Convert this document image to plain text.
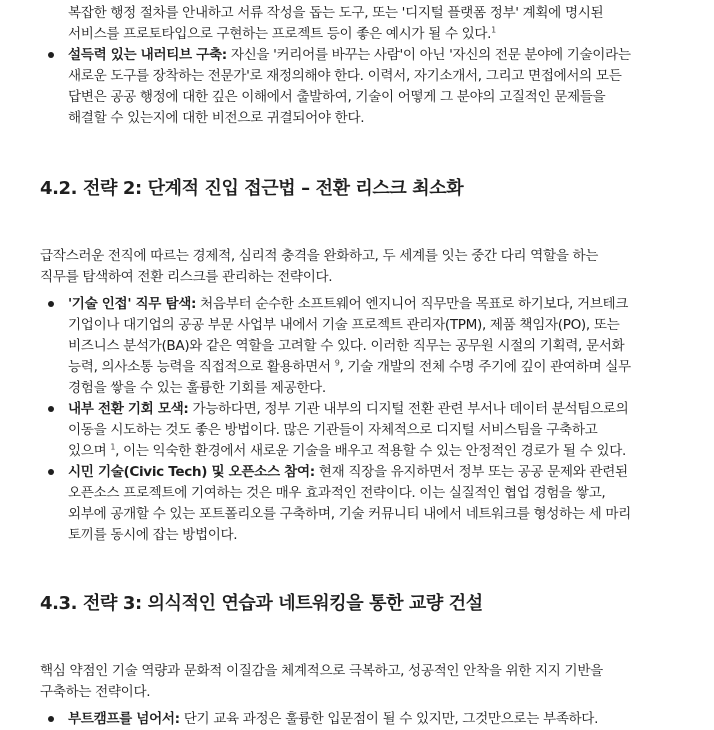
복잡한 행정 절차를 안내하고 서류 작성을 돕는 도구, 또는 '디지털 플랫폼 정부' 계획에 명시된
서비스를 프로토타입으로 구현하는 프로젝트 등이 좋은 예시가 될 수 있다.$^1$
설득력 있는 내러티브 구축: 자신을 '커리어를 바꾸는 사람'이 아닌 '자신의 전문 분야에 기술이라는
새로운 도구를 장착하는 전문가'로 재정의해야 한다. 이력서, 자기소개서, 그리고 면접에서의 모든
답변은 공공 행정에 대한 깊은 이해에서 출발하여, 기술이 어떻게 그 분야의 고질적인 문제들을
해결할 수 있는지에 대한 비전으로 귀결되어야 한다.
4.2. 전략 2: 단계적 진입 접근법 – 전환 리스크 최소화
급작스러운 전직에 따르는 경제적, 심리적 충격을 완화하고, 두 세계를 잇는 중간 다리 역할을 하는
직무를 탐색하여 전환 리스크를 관리하는 전략이다.
'기술 인접' 직무 탐색: 처음부터 순수한 소프트웨어 엔지니어 직무만을 목표로 하기보다, 거브테크
기업이나 대기업의 공공 부문 사업부 내에서 기술 프로젝트 관리자(TPM), 제품 책임자(PO), 또는
비즈니스 분석가(BA)와 같은 역할을 고려할 수 있다. 이러한 직무는 공무원 시절의 기획력, 문서화
능력, 의사소통 능력을 직접적으로 활용하면서 $^9$, 기술 개발의 전체 수명 주기에 깊이 관여하며 실무
경험을 쌓을 수 있는 훌륭한 기회를 제공한다.
내부 전환 기회 모색: 가능하다면, 정부 기관 내부의 디지털 전환 관련 부서나 데이터 분석팀으로의
이동을 시도하는 것도 좋은 방법이다. 많은 기관들이 자체적으로 디지털 서비스팀을 구축하고
있으며 $^1$, 이는 익숙한 환경에서 새로운 기술을 배우고 적용할 수 있는 안정적인 경로가 될 수 있다.
시민 기술(Civic Tech) 및 오픈소스 참여: 현재 직장을 유지하면서 정부 또는 공공 문제와 관련된
오픈소스 프로젝트에 기여하는 것은 매우 효과적인 전략이다. 이는 실질적인 협업 경험을 쌓고,
외부에 공개할 수 있는 포트폴리오를 구축하며, 기술 커뮤니티 내에서 네트워크를 형성하는 세 마리
토끼를 동시에 잡는 방법이다.
4.3. 전략 3: 의식적인 연습과 네트워킹을 통한 교량 건설
핵심 약점인 기술 역량과 문화적 이질감을 체계적으로 극복하고, 성공적인 안착을 위한 지지 기반을
구축하는 전략이다.
부트캠프를 넘어서: 단기 교육 과정은 훌륭한 입문점이 될 수 있지만, 그것만으로는 부족하다.
